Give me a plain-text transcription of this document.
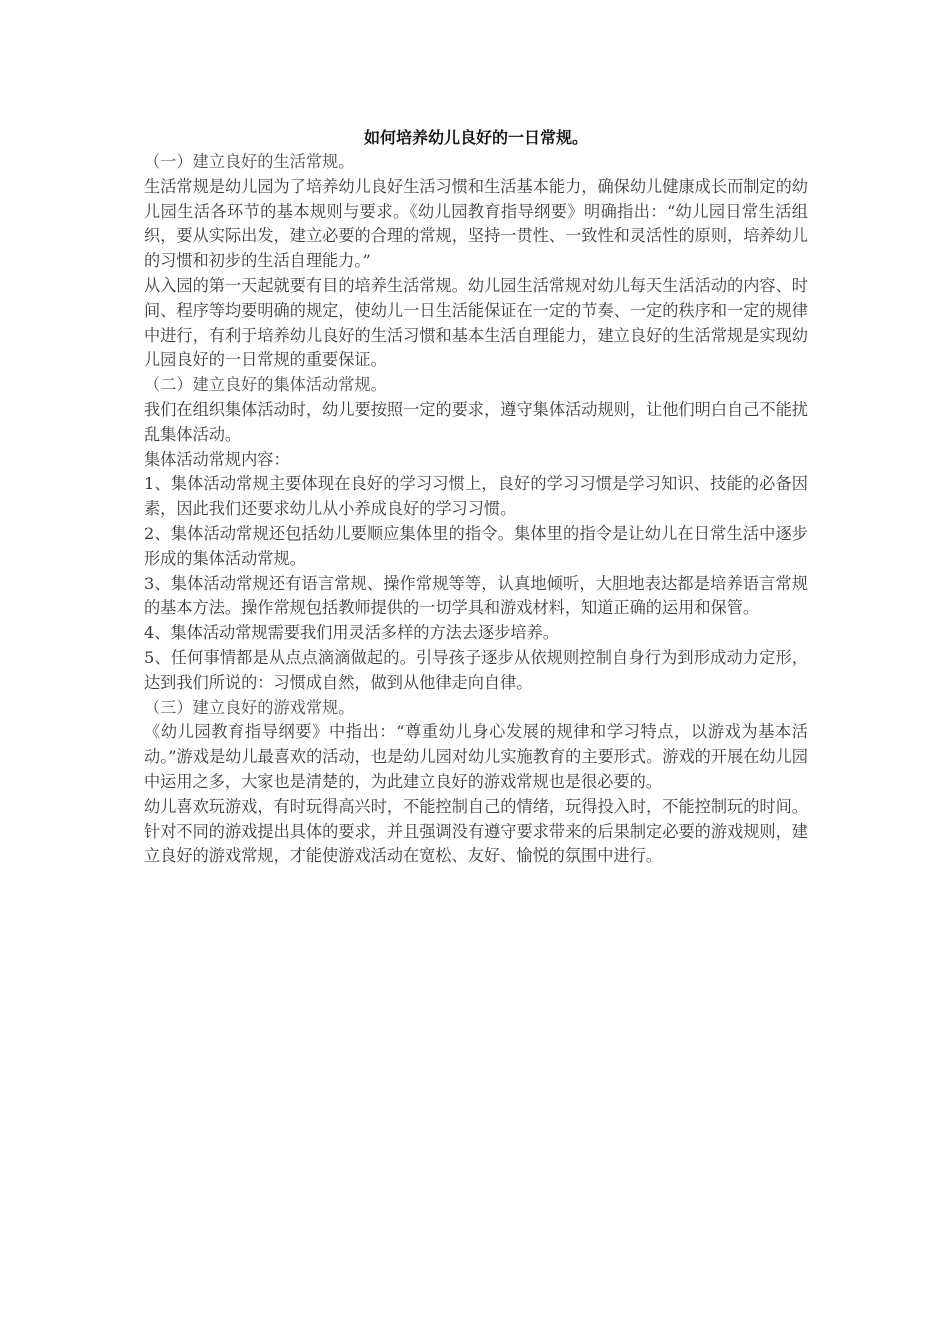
如何培养幼儿良好的一日常规。
（一）建立良好的生活常规。

生活常规是幼儿园为了培养幼儿良好生活习惯和生活基本能力，确保幼儿健康成长而制定的幼儿园生活各环节的基本规则与要求。《幼儿园教育指导纲要》明确指出：“幼儿园日常生活组织，要从实际出发，建立必要的合理的常规，坚持一贯性、一致性和灵活性的原则，培养幼儿的习惯和初步的生活自理能力。”

从入园的第一天起就要有目的培养生活常规。幼儿园生活常规对幼儿每天生活活动的内容、时间、程序等均要明确的规定，使幼儿一日生活能保证在一定的节奏、一定的秩序和一定的规律中进行，有利于培养幼儿良好的生活习惯和基本生活自理能力，建立良好的生活常规是实现幼儿园良好的一日常规的重要保证。

（二）建立良好的集体活动常规。

我们在组织集体活动时，幼儿要按照一定的要求，遵守集体活动规则，让他们明白自己不能扰乱集体活动。

集体活动常规内容：

1、集体活动常规主要体现在良好的学习习惯上，良好的学习习惯是学习知识、技能的必备因素，因此我们还要求幼儿从小养成良好的学习习惯。

2、集体活动常规还包括幼儿要顺应集体里的指令。集体里的指令是让幼儿在日常生活中逐步形成的集体活动常规。

3、集体活动常规还有语言常规、操作常规等等，认真地倾听，大胆地表达都是培养语言常规的基本方法。操作常规包括教师提供的一切学具和游戏材料，知道正确的运用和保管。

4、集体活动常规需要我们用灵活多样的方法去逐步培养。

5、任何事情都是从点点滴滴做起的。引导孩子逐步从依规则控制自身行为到形成动力定形，达到我们所说的：习惯成自然，做到从他律走向自律。

（三）建立良好的游戏常规。

《幼儿园教育指导纲要》中指出：“尊重幼儿身心发展的规律和学习特点，以游戏为基本活动。”游戏是幼儿最喜欢的活动，也是幼儿园对幼儿实施教育的主要形式。游戏的开展在幼儿园中运用之多，大家也是清楚的，为此建立良好的游戏常规也是很必要的。

幼儿喜欢玩游戏，有时玩得高兴时，不能控制自己的情绪，玩得投入时，不能控制玩的时间。针对不同的游戏提出具体的要求，并且强调没有遵守要求带来的后果制定必要的游戏规则，建立良好的游戏常规，才能使游戏活动在宽松、友好、愉悦的氛围中进行。
